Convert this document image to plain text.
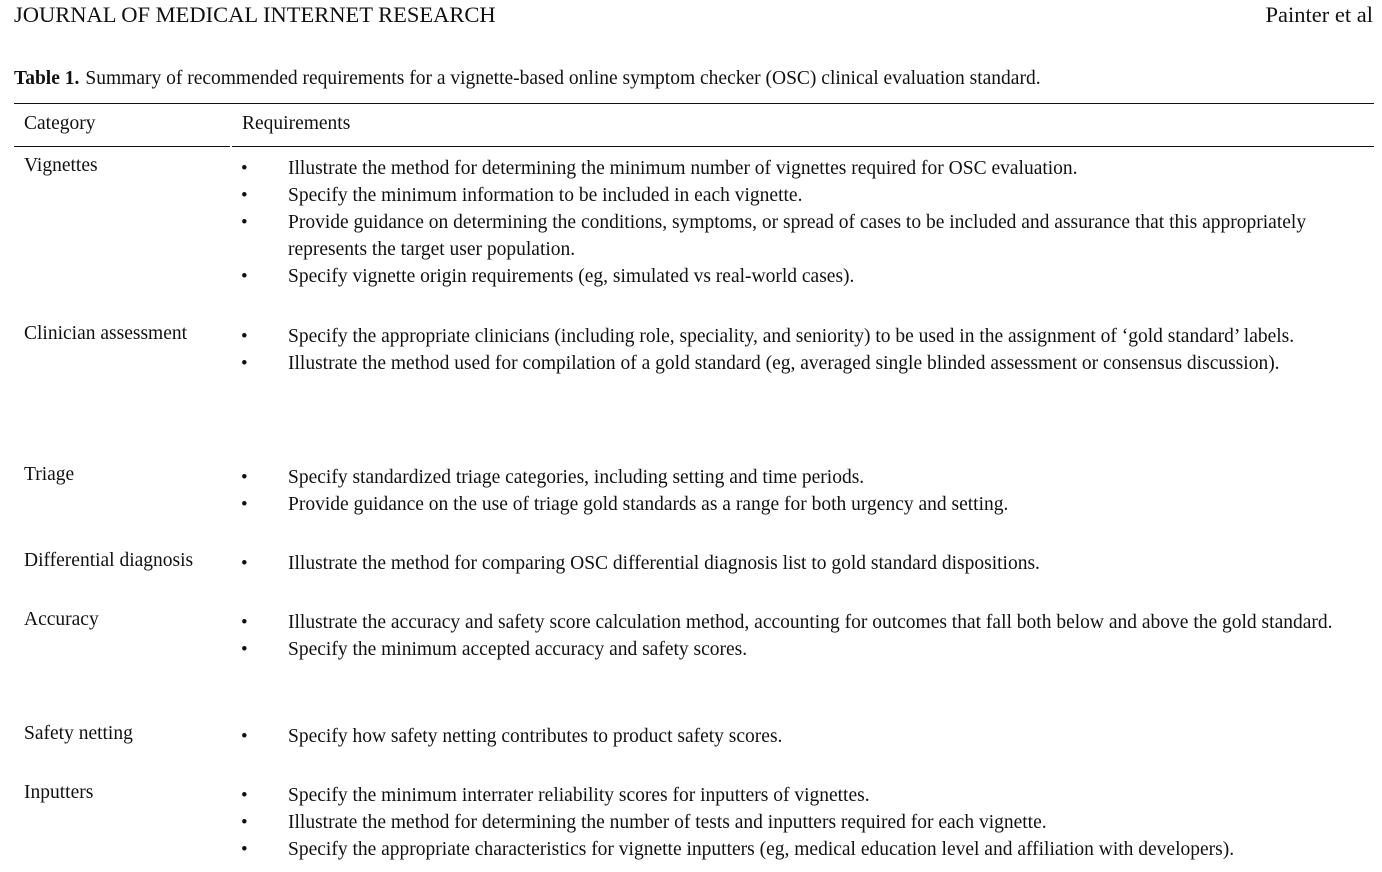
JOURNAL OF MEDICAL INTERNET RESEARCH	Painter et al
Table 1. Summary of recommended requirements for a vignette-based online symptom checker (OSC) clinical evaluation standard.
Category	Requirements
Vignettes	• Illustrate the method for determining the minimum number of vignettes required for OSC evaluation.
• Specify the minimum information to be included in each vignette.
• Provide guidance on determining the conditions, symptoms, or spread of cases to be included and assurance that this appropriately represents the target user population.
• Specify vignette origin requirements (eg, simulated vs real-world cases).
Clinician assessment	• Specify the appropriate clinicians (including role, speciality, and seniority) to be used in the assignment of ‘gold standard’ labels.
• Illustrate the method used for compilation of a gold standard (eg, averaged single blinded assessment or consensus discussion).
Triage	• Specify standardized triage categories, including setting and time periods.
• Provide guidance on the use of triage gold standards as a range for both urgency and setting.
Differential diagnosis	• Illustrate the method for comparing OSC differential diagnosis list to gold standard dispositions.
Accuracy	• Illustrate the accuracy and safety score calculation method, accounting for outcomes that fall both below and above the gold standard.
• Specify the minimum accepted accuracy and safety scores.
Safety netting	• Specify how safety netting contributes to product safety scores.
Inputters	• Specify the minimum interrater reliability scores for inputters of vignettes.
• Illustrate the method for determining the number of tests and inputters required for each vignette.
• Specify the appropriate characteristics for vignette inputters (eg, medical education level and affiliation with developers).
